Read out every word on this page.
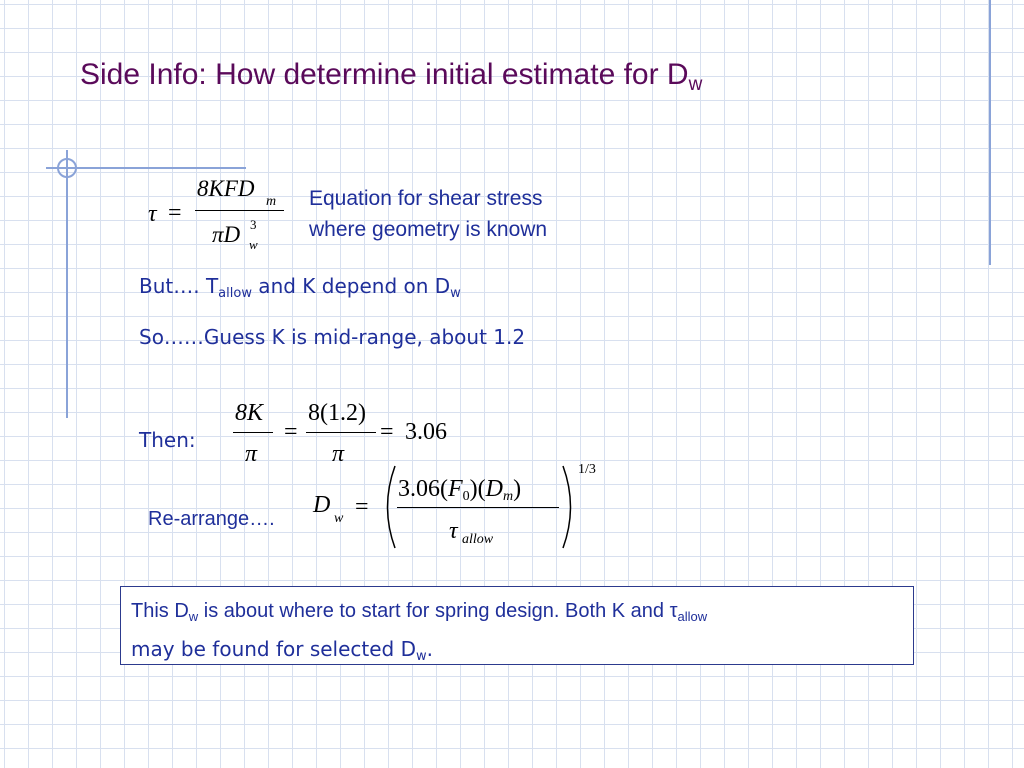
Side Info: How determine initial estimate for $D_w$
τ =
8KFD
m
πD 3
w
Equation for shear stress
where geometry is known
But…. $T_{allow}$ and K depend on $D_w$
So……Guess K is mid-range, about 1.2
Then:
8K
π
=
8(1.2)
π
= 3.06
Re-arrange….
D
w =
$3.06(F_0)(D_m)$
τ allow
1/3
This $D_w$ is about where to start for spring design. Both K and $\tau_{allow}$
may be found for selected $D_w$.
